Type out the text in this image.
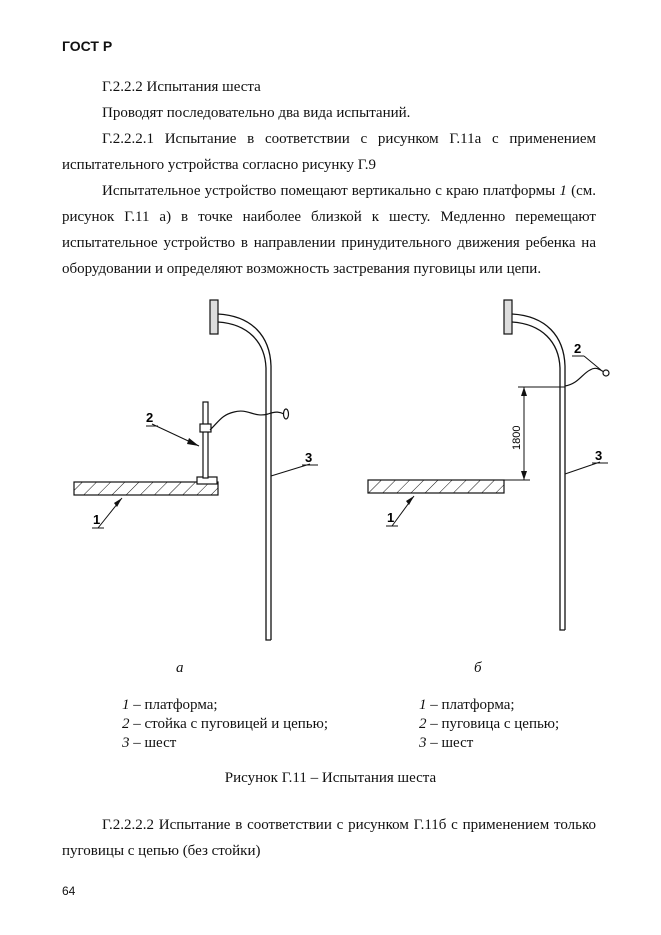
ГОСТ Р

Г.2.2.2 Испытания шеста

Проводят последовательно два вида испытаний.

Г.2.2.2.1 Испытание в соответствии с рисунком Г.11а с применением испытательного устройства согласно рисунку Г.9

Испытательное устройство помещают вертикально с краю платформы 1 (см. рисунок Г.11 а) в точке наиболее близкой к шесту. Медленно перемещают испытательное устройство в направлении принудительного движения ребенка на оборудовании и определяют возможность застревания пуговицы или цепи.

2
1
3
1800
2
1
3
а	б
1 – платформа;
2 – стойка с пуговицей и цепью;
3 – шест
1 – платформа;
2 – пуговица с цепью;
3 – шест
Рисунок Г.11 – Испытания шеста

Г.2.2.2.2 Испытание в соответствии с рисунком Г.11б с применением только пуговицы с цепью (без стойки)

64
